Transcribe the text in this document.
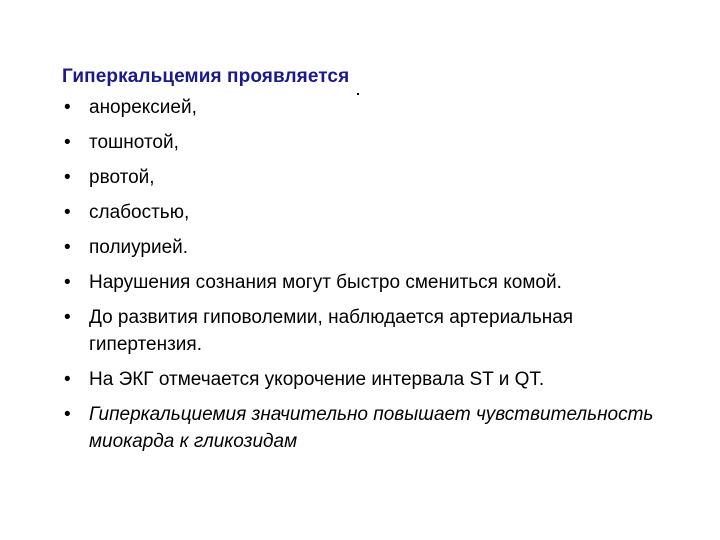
Гиперкальцемия проявляется
• анорексией,
• тошнотой,
• рвотой,
• слабостью,
• полиурией.
• Нарушения сознания могут быстро смениться комой.
• До развития гиповолемии, наблюдается артериальная гипертензия.
• На ЭКГ отмечается укорочение интервала ST и QT.
• Гиперкальциемия значительно повышает чувствительность миокарда к гликозидам
